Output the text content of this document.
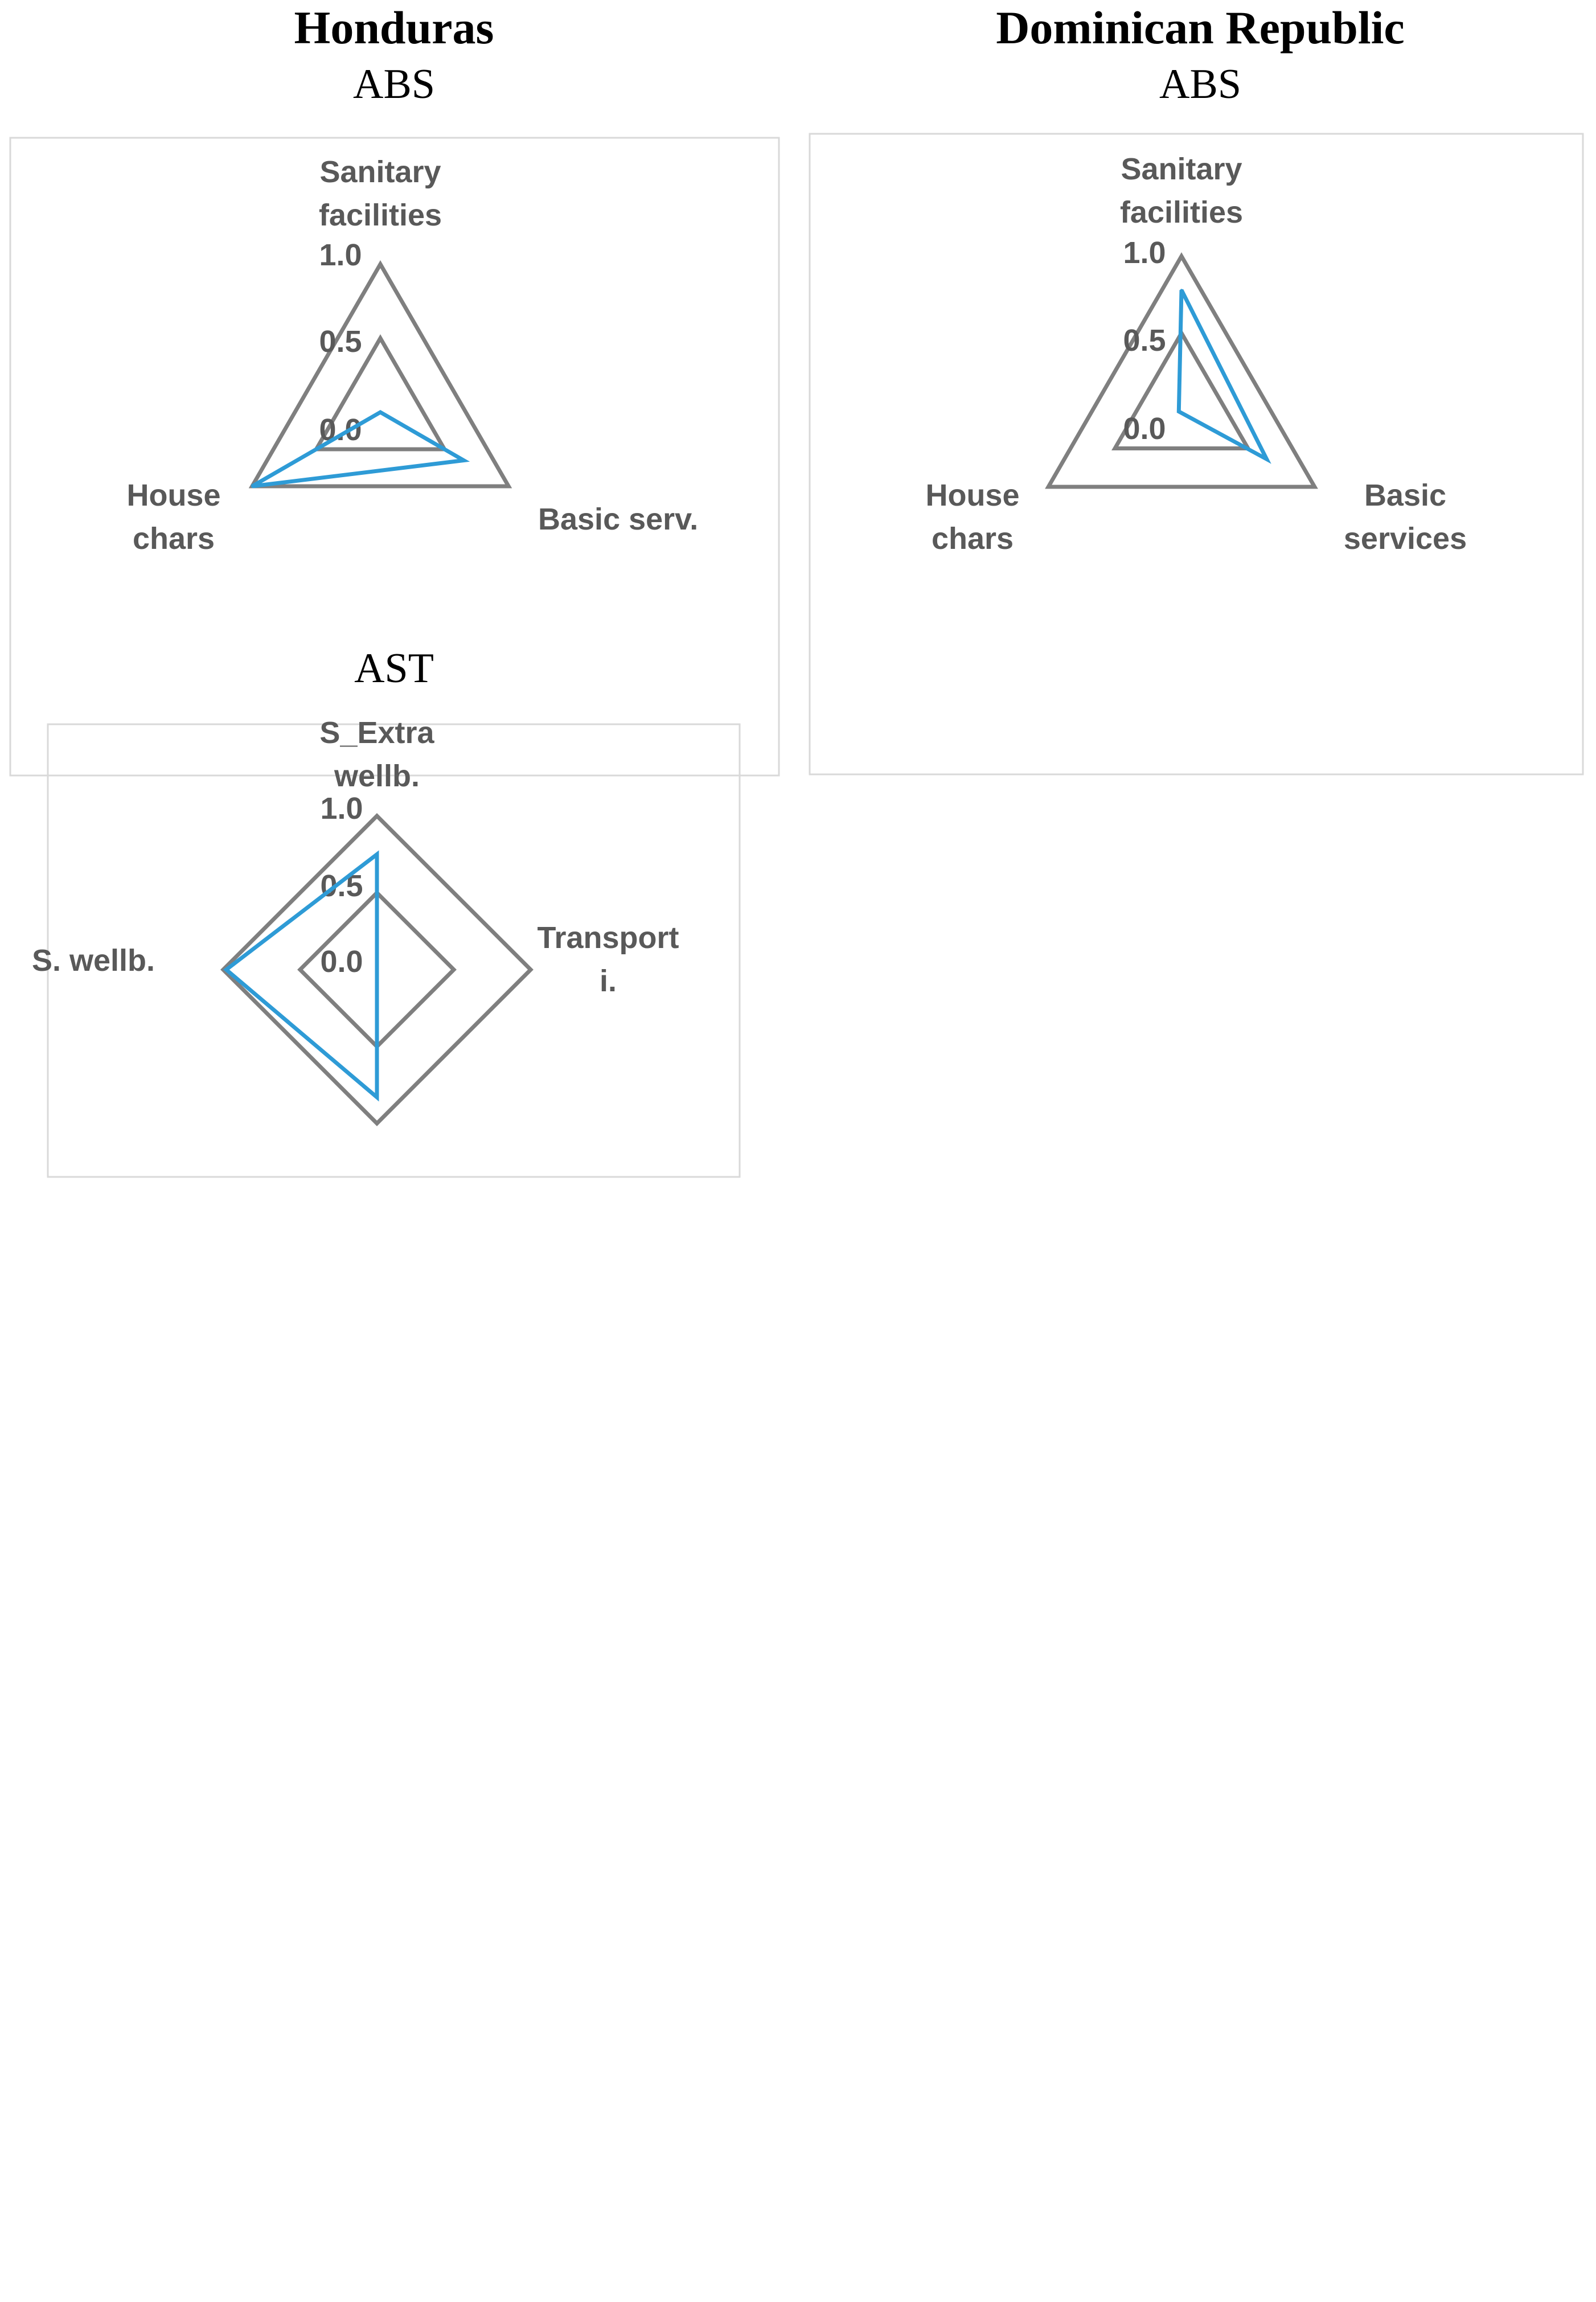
Honduras	Dominican Republic
ABS
1.0
0.5
0.0
Sanitary facilities
Basic serv.
House chars
ABS
1.0
0.5
0.0
Sanitary facilities
Basic services
House chars
AST
1.0
0.5
0.0
S_Extra wellb.
Transport i.
S. wellb.
